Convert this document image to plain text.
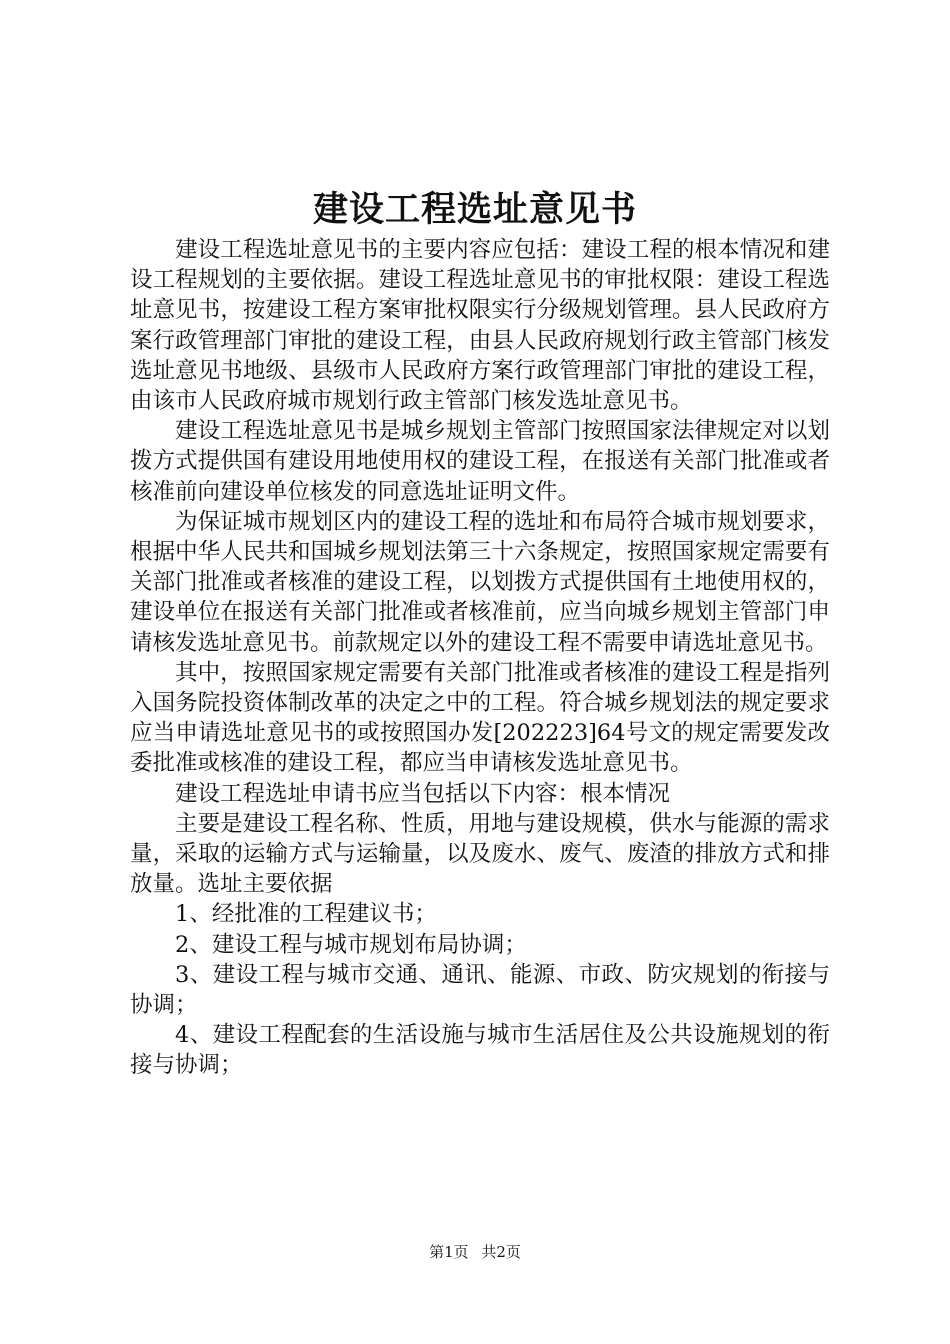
建设工程选址意见书

建设工程选址意见书的主要内容应包括：建设工程的根本情况和建设工程规划的主要依据。建设工程选址意见书的审批权限：建设工程选址意见书，按建设工程方案审批权限实行分级规划管理。县人民政府方案行政管理部门审批的建设工程，由县人民政府规划行政主管部门核发选址意见书地级、县级市人民政府方案行政管理部门审批的建设工程，由该市人民政府城市规划行政主管部门核发选址意见书。

建设工程选址意见书是城乡规划主管部门按照国家法律规定对以划拨方式提供国有建设用地使用权的建设工程，在报送有关部门批准或者核准前向建设单位核发的同意选址证明文件。

为保证城市规划区内的建设工程的选址和布局符合城市规划要求，根据中华人民共和国城乡规划法第三十六条规定，按照国家规定需要有关部门批准或者核准的建设工程，以划拨方式提供国有土地使用权的，建设单位在报送有关部门批准或者核准前，应当向城乡规划主管部门申请核发选址意见书。前款规定以外的建设工程不需要申请选址意见书。

其中，按照国家规定需要有关部门批准或者核准的建设工程是指列入国务院投资体制改革的决定之中的工程。符合城乡规划法的规定要求应当申请选址意见书的或按照国办发[202223]64号文的规定需要发改委批准或核准的建设工程，都应当申请核发选址意见书。

建设工程选址申请书应当包括以下内容：根本情况

主要是建设工程名称、性质，用地与建设规模，供水与能源的需求量，采取的运输方式与运输量，以及废水、废气、废渣的排放方式和排放量。选址主要依据

1、经批准的工程建议书；

2、建设工程与城市规划布局协调；

3、建设工程与城市交通、通讯、能源、市政、防灾规划的衔接与协调；

4、建设工程配套的生活设施与城市生活居住及公共设施规划的衔接与协调；

第1页 共2页
